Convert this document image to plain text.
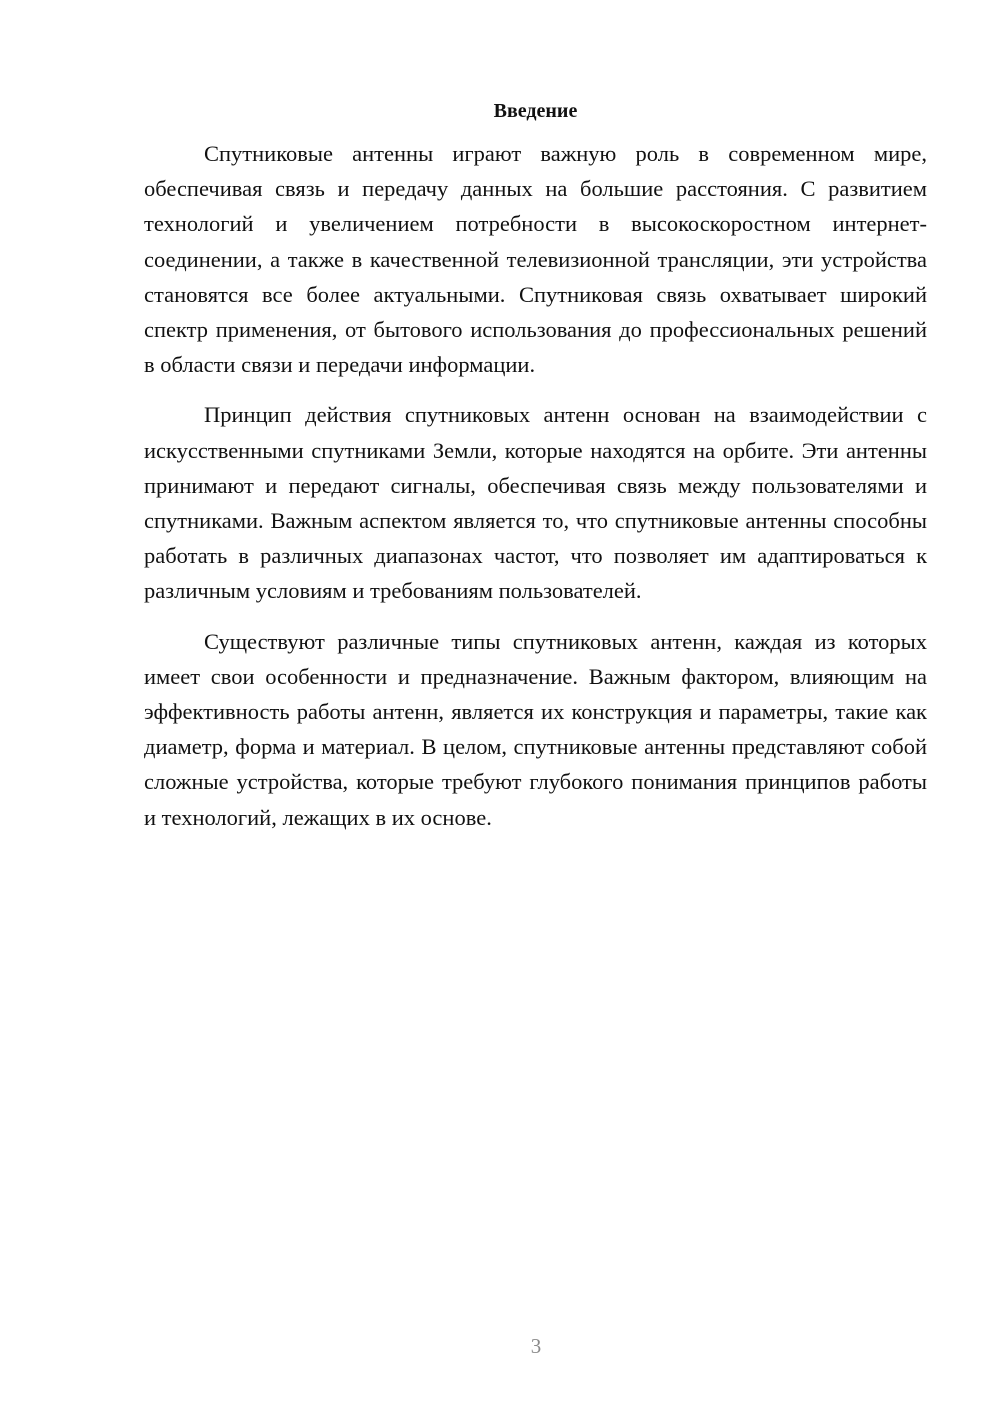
Введение

Спутниковые антенны играют важную роль в современном мире, обеспечивая связь и передачу данных на большие расстояния. С развитием технологий и увеличением потребности в высокоскоростном интернет-соединении, а также в качественной телевизионной трансляции, эти устройства становятся все более актуальными. Спутниковая связь охватывает широкий спектр применения, от бытового использования до профессиональных решений в области связи и передачи информации.

Принцип действия спутниковых антенн основан на взаимодействии с искусственными спутниками Земли, которые находятся на орбите. Эти антенны принимают и передают сигналы, обеспечивая связь между пользователями и спутниками. Важным аспектом является то, что спутниковые антенны способны работать в различных диапазонах частот, что позволяет им адаптироваться к различным условиям и требованиям пользователей.

Существуют различные типы спутниковых антенн, каждая из которых имеет свои особенности и предназначение. Важным фактором, влияющим на эффективность работы антенн, является их конструкция и параметры, такие как диаметр, форма и материал. В целом, спутниковые антенны представляют собой сложные устройства, которые требуют глубокого понимания принципов работы и технологий, лежащих в их основе.

3
